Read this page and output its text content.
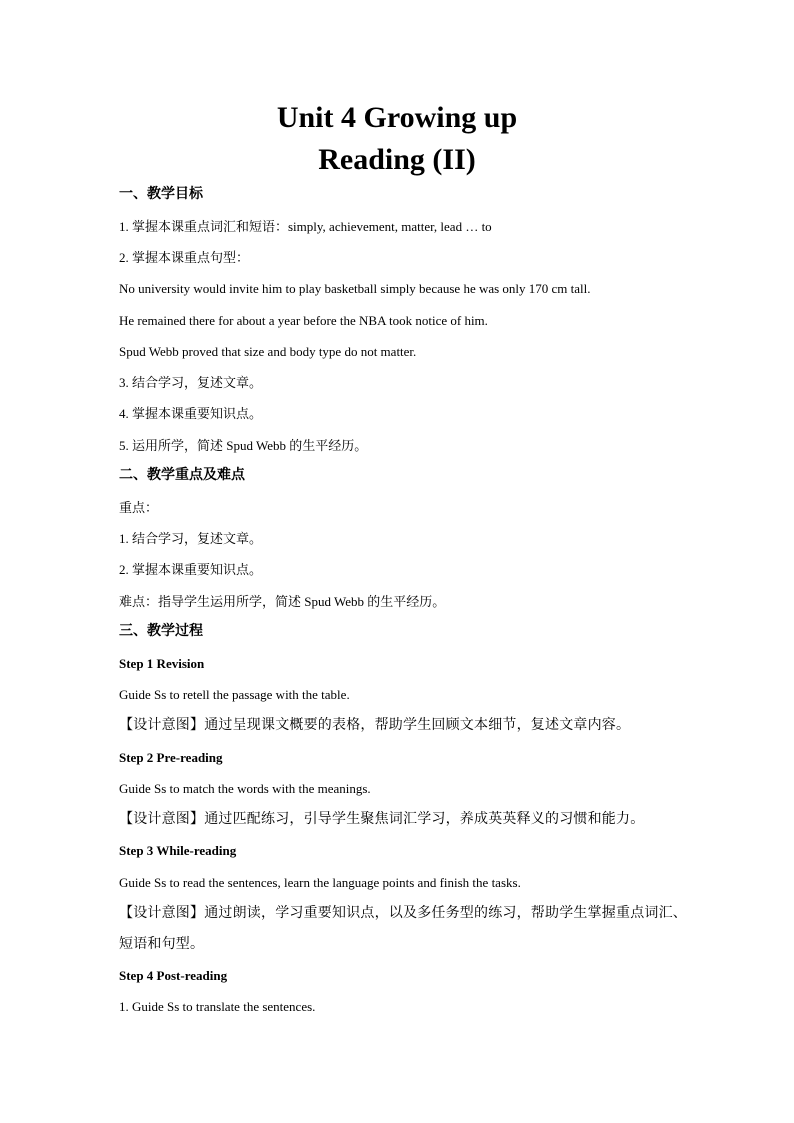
Unit 4 Growing up
Reading (II)
一、教学目标
1. 掌握本课重点词汇和短语：simply, achievement, matter, lead … to
2. 掌握本课重点句型：
No university would invite him to play basketball simply because he was only 170 cm tall.
He remained there for about a year before the NBA took notice of him.
Spud Webb proved that size and body type do not matter.
3. 结合学习，复述文章。
4. 掌握本课重要知识点。
5. 运用所学，简述 Spud Webb 的生平经历。
二、教学重点及难点
重点：
1. 结合学习，复述文章。
2. 掌握本课重要知识点。
难点：指导学生运用所学，简述 Spud Webb 的生平经历。
三、教学过程
Step 1 Revision
Guide Ss to retell the passage with the table.
【设计意图】通过呈现课文概要的表格，帮助学生回顾文本细节，复述文章内容。
Step 2 Pre-reading
Guide Ss to match the words with the meanings.
【设计意图】通过匹配练习，引导学生聚焦词汇学习，养成英英释义的习惯和能力。
Step 3 While-reading
Guide Ss to read the sentences, learn the language points and finish the tasks.
【设计意图】通过朗读，学习重要知识点，以及多任务型的练习，帮助学生掌握重点词汇、
短语和句型。
Step 4 Post-reading
1. Guide Ss to translate the sentences.
